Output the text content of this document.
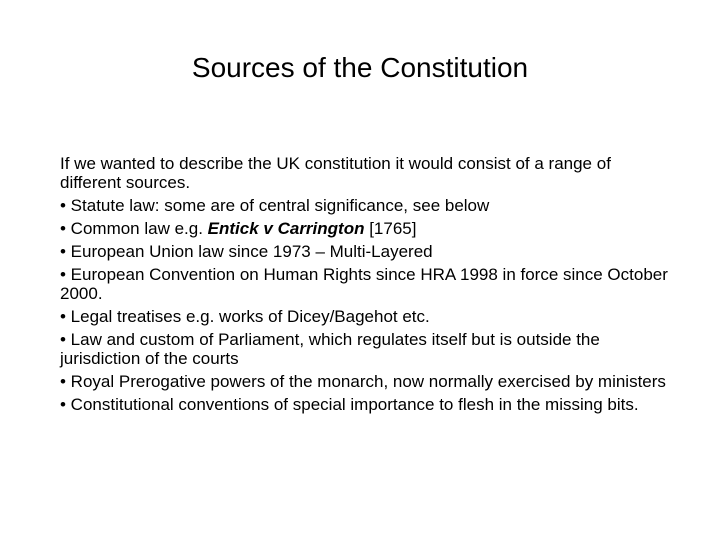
Sources of the Constitution

If we wanted to describe the UK constitution it would consist of a range of different sources.

• Statute law: some are of central significance, see below

• Common law e.g. Entick v Carrington [1765]

• European Union law since 1973 – Multi-Layered

• European Convention on Human Rights since HRA 1998 in force since October 2000.

• Legal treatises e.g. works of Dicey/Bagehot etc.

• Law and custom of Parliament, which regulates itself but is outside the jurisdiction of the courts

• Royal Prerogative powers of the monarch, now normally exercised by ministers

• Constitutional conventions of special importance to flesh in the missing bits.
